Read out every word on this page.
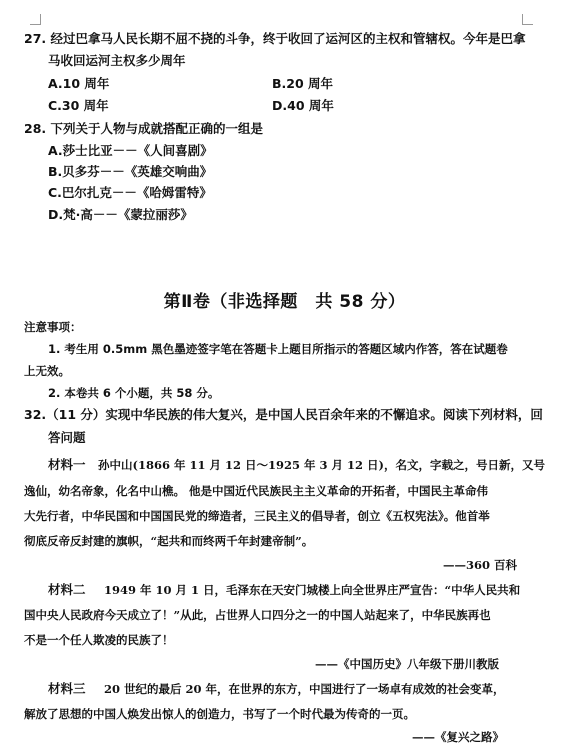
27. 经过巴拿马人民长期不屈不挠的斗争，终于收回了运河区的主权和管辖权。今年是巴拿
马收回运河主权多少周年
A.10 周年	B.20 周年
C.30 周年	D.40 周年
28. 下列关于人物与成就搭配正确的一组是
A.莎士比亚－－《人间喜剧》
B.贝多芬－－《英雄交响曲》
C.巴尔扎克－－《哈姆雷特》
D.梵·高－－《蒙拉丽莎》
第Ⅱ卷（非选择题　共 58 分）
注意事项：
1. 考生用 0.5mm 黑色墨迹签字笔在答题卡上题目所指示的答题区域内作答，答在试题卷
上无效。
2. 本卷共 6 个小题，共 58 分。
32.（11 分）实现中华民族的伟大复兴，是中国人民百余年来的不懈追求。阅读下列材料，回
答问题
材料一 孙中山(1866 年 11 月 12 日～1925 年 3 月 12 日)，名文，字载之，号日新，又号
逸仙，幼名帝象，化名中山樵。 他是中国近代民族民主主义革命的开拓者，中国民主革命伟
大先行者，中华民国和中国国民党的缔造者，三民主义的倡导者，创立《五权宪法》。他首举
彻底反帝反封建的旗帜，“起共和而终两千年封建帝制”。
——360 百科
材料二 1949 年 10 月 1 日，毛泽东在天安门城楼上向全世界庄严宣告：“中华人民共和
国中央人民政府今天成立了！”从此，占世界人口四分之一的中国人站起来了，中华民族再也
不是一个任人欺凌的民族了！
——《中国历史》八年级下册川教版
材料三 20 世纪的最后 20 年，在世界的东方，中国进行了一场卓有成效的社会变革，
解放了思想的中国人焕发出惊人的创造力，书写了一个时代最为传奇的一页。
——《复兴之路》
